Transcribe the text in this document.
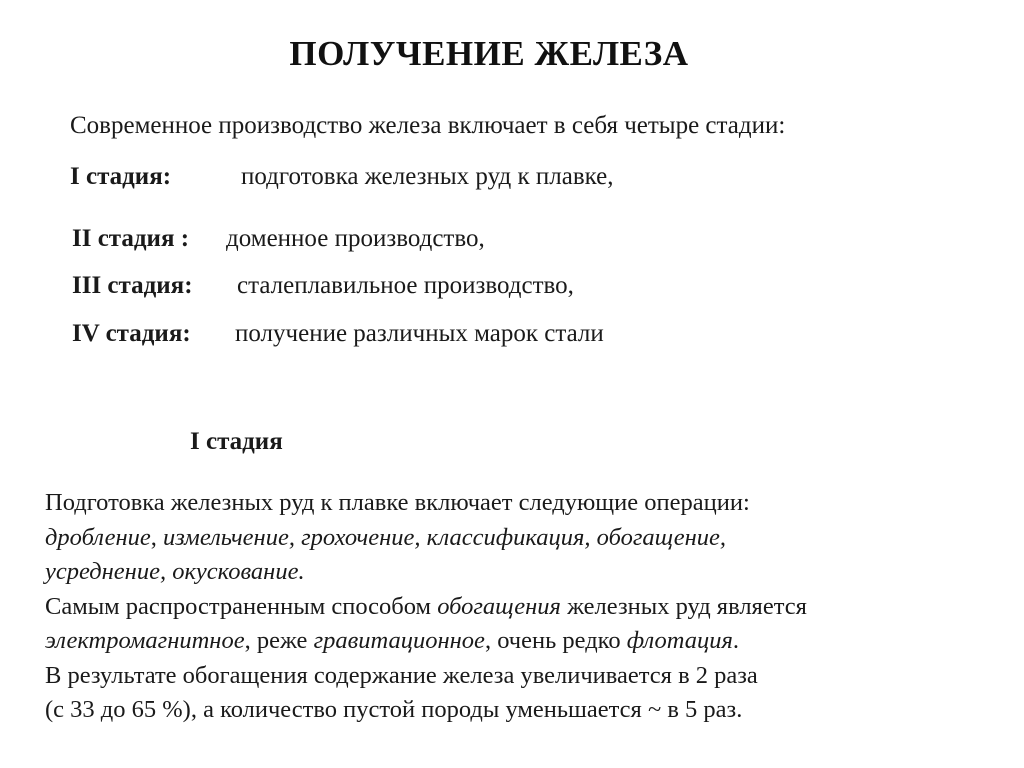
ПОЛУЧЕНИЕ ЖЕЛЕЗА
Современное производство железа включает в себя четыре стадии:
I стадия:	подготовка железных руд к плавке,
II стадия : доменное производство,
III стадия: сталеплавильное производство,
IV стадия: получение различных марок стали
I стадия
Подготовка железных руд к плавке включает следующие операции:
дробление, измельчение, грохочение, классификация, обогащение,
усреднение, окускование.
Самым распространенным способом обогащения железных руд является
электромагнитное, реже гравитационное, очень редко флотация.
В результате обогащения содержание железа увеличивается в 2 раза
(с 33 до 65 %), а количество пустой породы уменьшается ~ в 5 раз.
